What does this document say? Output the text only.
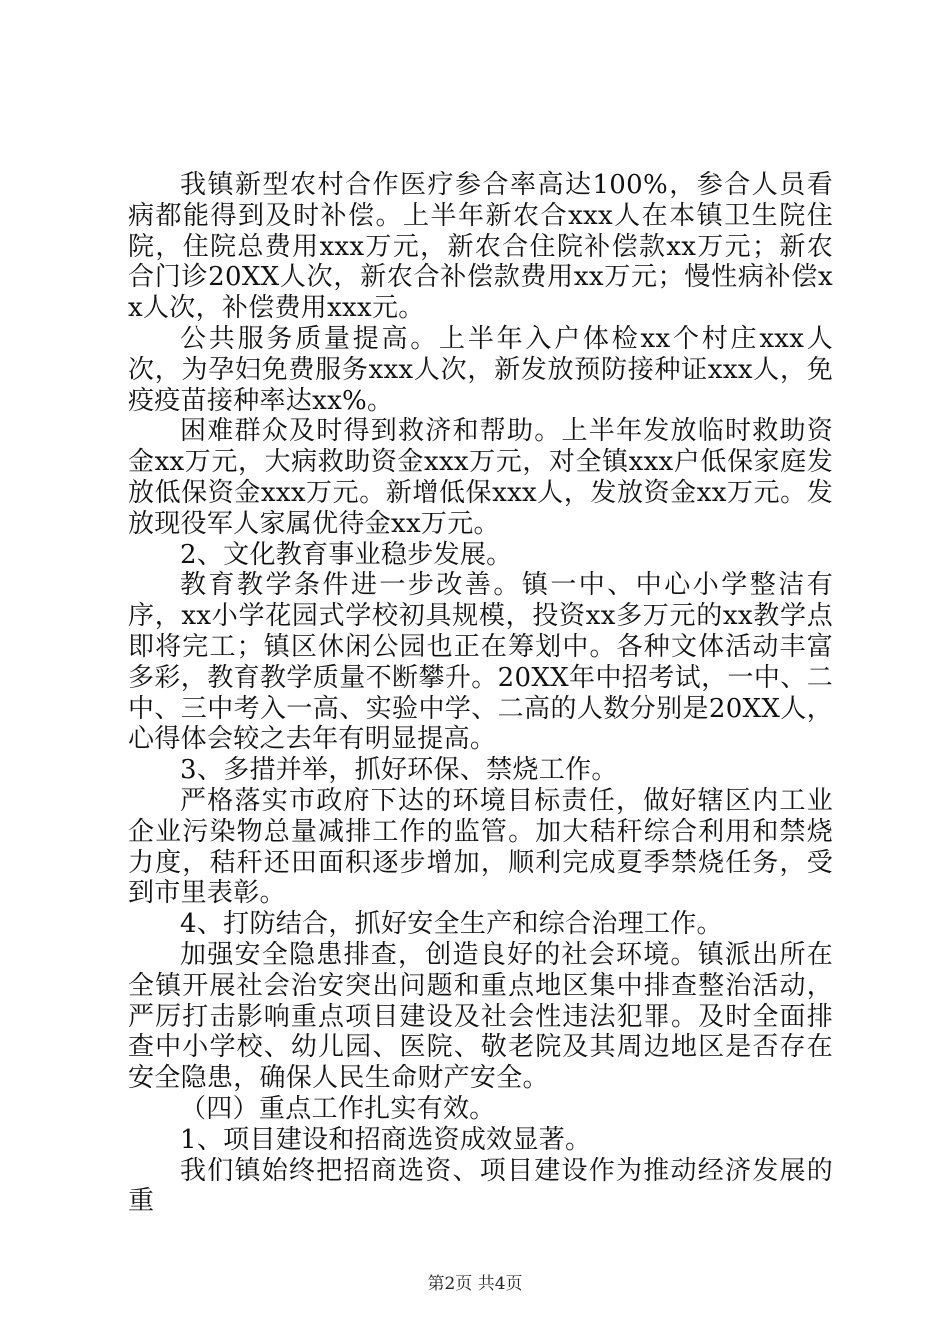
我镇新型农村合作医疗参合率高达100%，参合人员看病都能得到及时补偿。上半年新农合xxx人在本镇卫生院住院，住院总费用xxx万元，新农合住院补偿款xx万元；新农合门诊20XX人次，新农合补偿款费用xx万元；慢性病补偿xx人次，补偿费用xxx元。

公共服务质量提高。上半年入户体检xx个村庄xxx人次，为孕妇免费服务xxx人次，新发放预防接种证xxx人，免疫疫苗接种率达xx%。

困难群众及时得到救济和帮助。上半年发放临时救助资金xx万元，大病救助资金xxx万元，对全镇xxx户低保家庭发放低保资金xxx万元。新增低保xxx人，发放资金xx万元。发放现役军人家属优待金xx万元。

2、文化教育事业稳步发展。

教育教学条件进一步改善。镇一中、中心小学整洁有序，xx小学花园式学校初具规模，投资xx多万元的xx教学点即将完工；镇区休闲公园也正在筹划中。各种文体活动丰富多彩，教育教学质量不断攀升。20XX年中招考试，一中、二中、三中考入一高、实验中学、二高的人数分别是20XX人，心得体会较之去年有明显提高。

3、多措并举，抓好环保、禁烧工作。

严格落实市政府下达的环境目标责任，做好辖区内工业企业污染物总量减排工作的监管。加大秸秆综合利用和禁烧力度，秸秆还田面积逐步增加，顺利完成夏季禁烧任务，受到市里表彰。

4、打防结合，抓好安全生产和综合治理工作。

加强安全隐患排查，创造良好的社会环境。镇派出所在全镇开展社会治安突出问题和重点地区集中排查整治活动，严厉打击影响重点项目建设及社会性违法犯罪。及时全面排查中小学校、幼儿园、医院、敬老院及其周边地区是否存在安全隐患，确保人民生命财产安全。

（四）重点工作扎实有效。

1、项目建设和招商选资成效显著。

我们镇始终把招商选资、项目建设作为推动经济发展的重

第2页 共4页
